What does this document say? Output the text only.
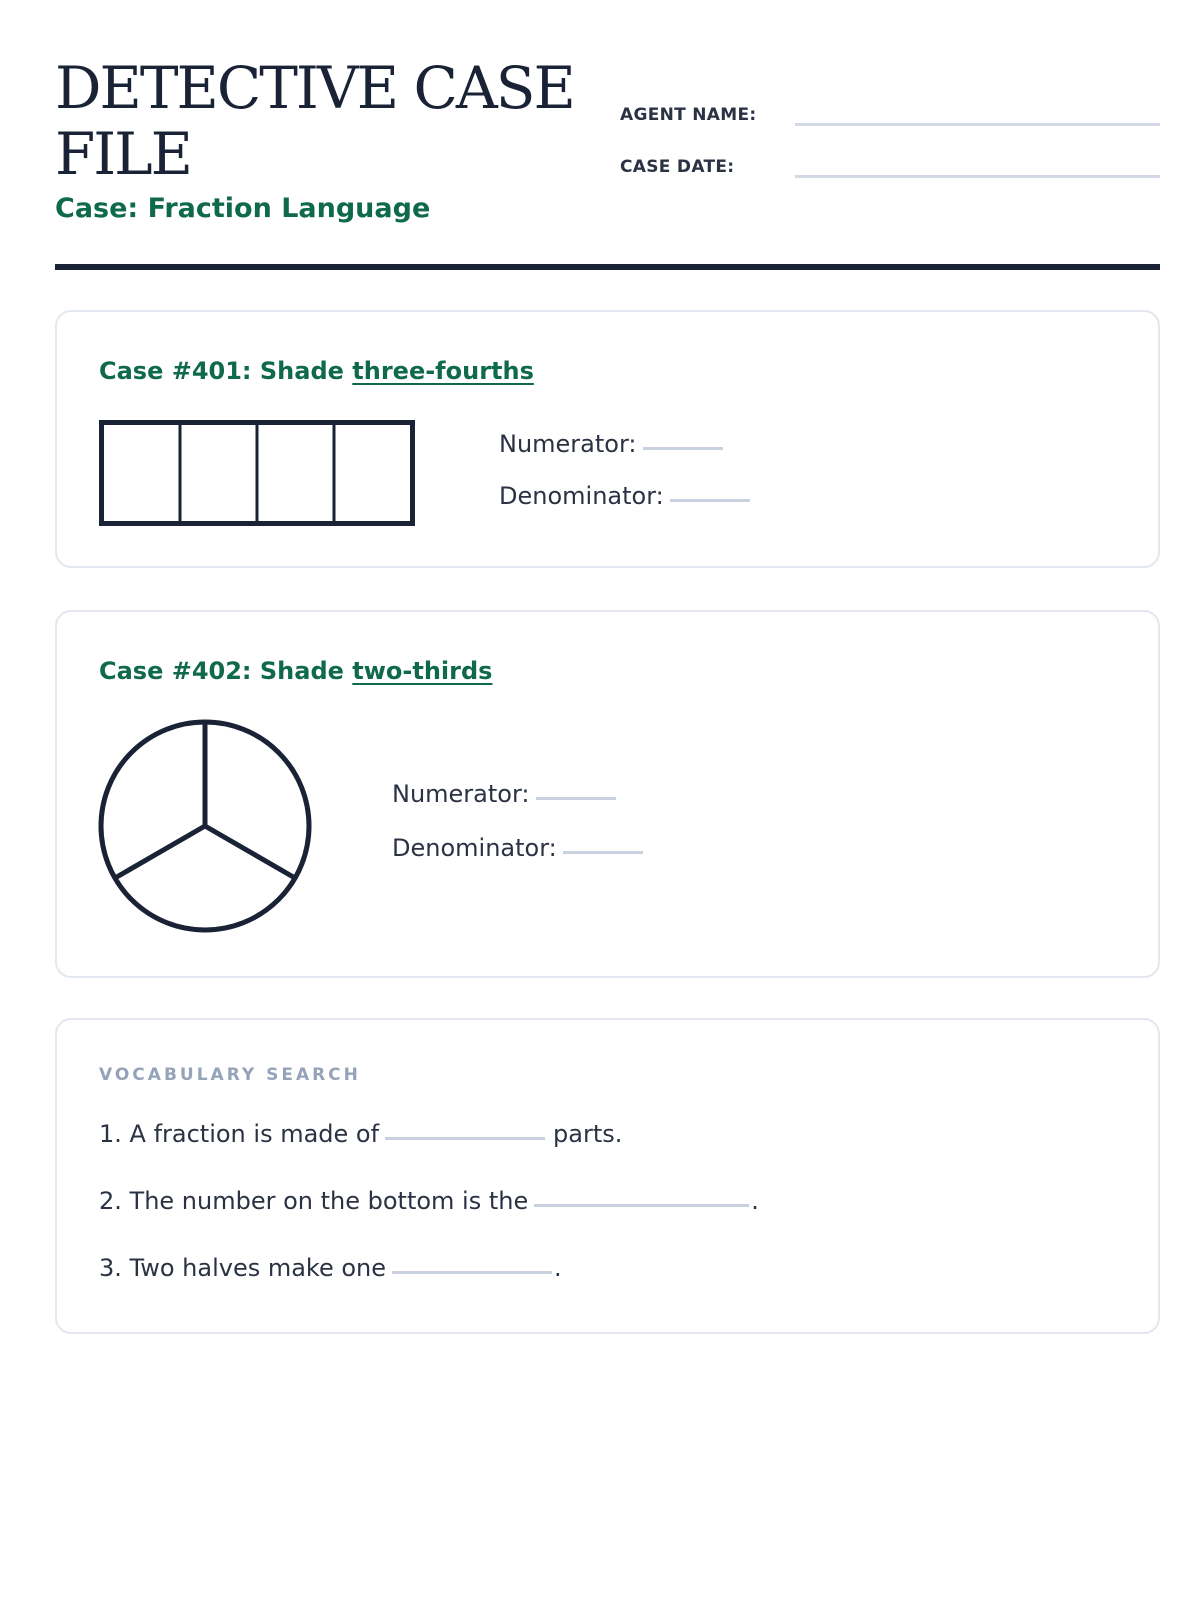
DETECTIVE CASE FILE

Case: Fraction Language

AGENT NAME:
CASE DATE:

Case #401: Shade three-fourths

Numerator:
Denominator:

Case #402: Shade two-thirds

Numerator:
Denominator:

VOCABULARY SEARCH

1. A fraction is made of	parts.
2. The number on the bottom is the	.
3. Two halves make one	.
